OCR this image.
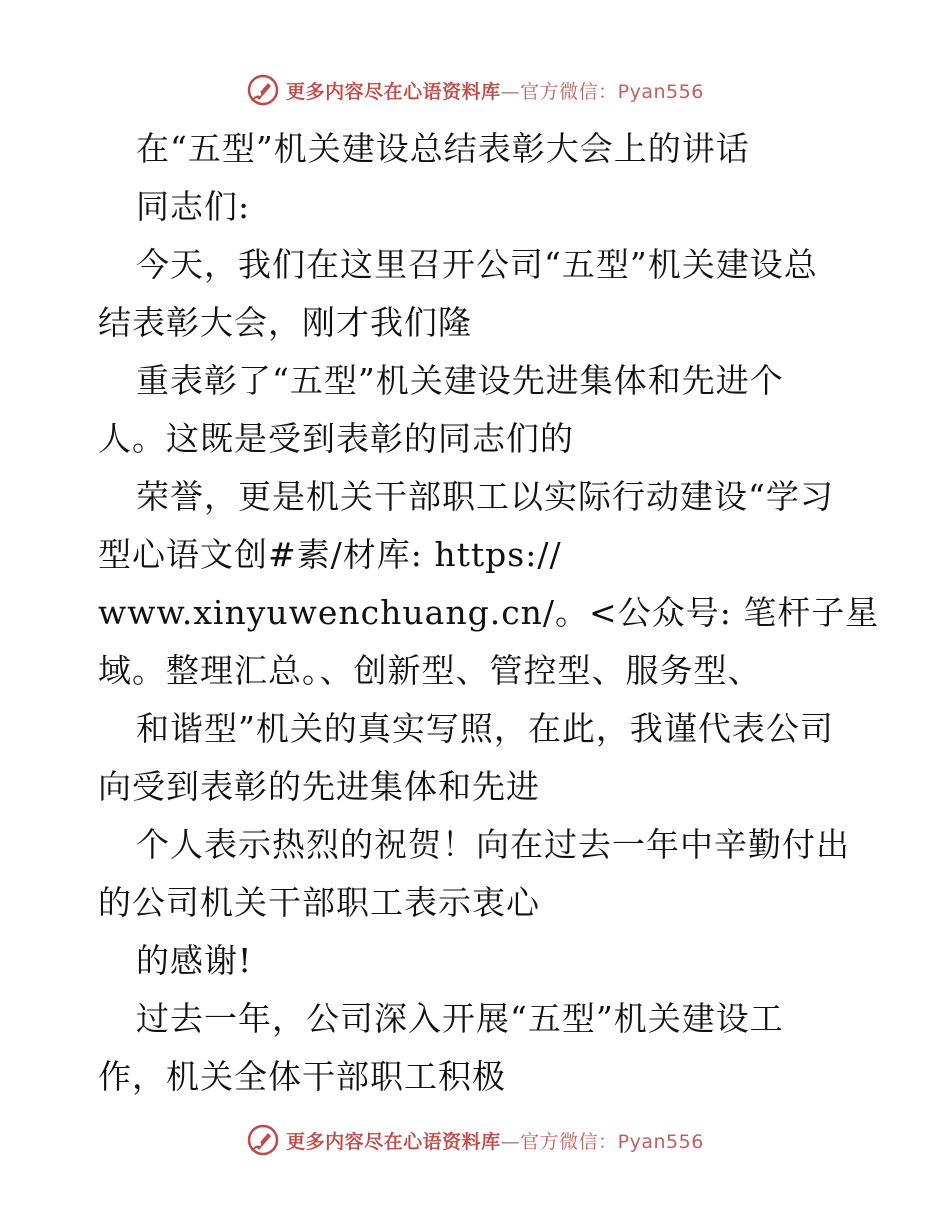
更多内容尽在心语资料库—官方微信：Pyan556
在“五型”机关建设总结表彰大会上的讲话
同志们:
今天，我们在这里召开公司“五型”机关建设总
结表彰大会，刚才我们隆
重表彰了“五型”机关建设先进集体和先进个
人。这既是受到表彰的同志们的
荣誉，更是机关干部职工以实际行动建设“学习
型心语文创#素/材库: https://
www.xinyuwenchuang.cn/。<公众号: 笔杆子星
域。整理汇总。、创新型、管控型、服务型、
和谐型”机关的真实写照，在此，我谨代表公司
向受到表彰的先进集体和先进
个人表示热烈的祝贺！向在过去一年中辛勤付出
的公司机关干部职工表示衷心
的感谢!
过去一年，公司深入开展“五型”机关建设工
作，机关全体干部职工积极
更多内容尽在心语资料库—官方微信：Pyan556
